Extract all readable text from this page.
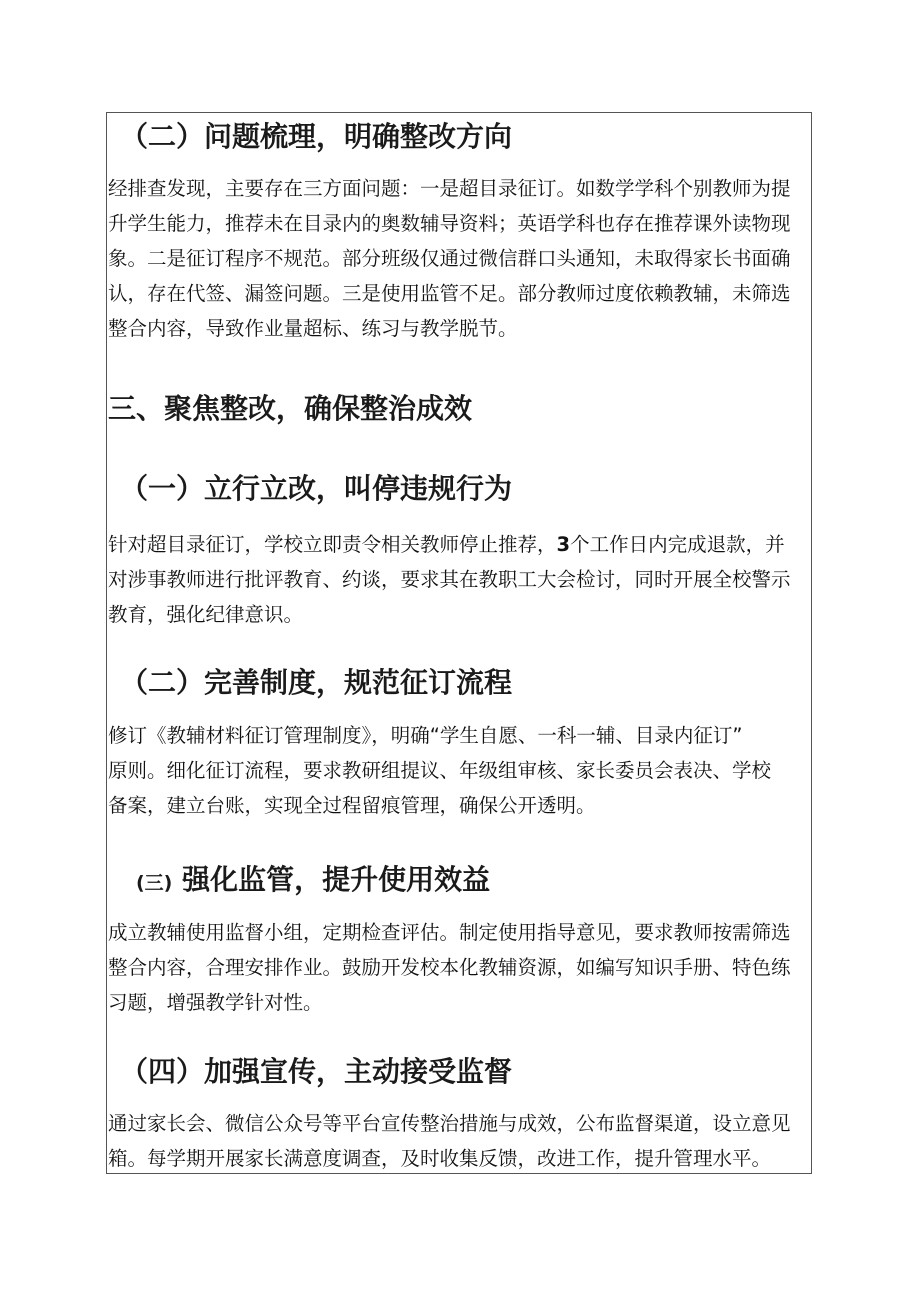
（二）问题梳理，明确整改方向
经排查发现，主要存在三方面问题：一是超目录征订。如数学学科个别教师为提
升学生能力，推荐未在目录内的奥数辅导资料；英语学科也存在推荐课外读物现
象。二是征订程序不规范。部分班级仅通过微信群口头通知，未取得家长书面确
认，存在代签、漏签问题。三是使用监管不足。部分教师过度依赖教辅，未筛选
整合内容，导致作业量超标、练习与教学脱节。
三、聚焦整改，确保整治成效
（一）立行立改，叫停违规行为
针对超目录征订，学校立即责令相关教师停止推荐，3个工作日内完成退款，并
对涉事教师进行批评教育、约谈，要求其在教职工大会检讨，同时开展全校警示
教育，强化纪律意识。
（二）完善制度，规范征订流程
修订《教辅材料征订管理制度》，明确“学生自愿、一科一辅、目录内征订”
原则。细化征订流程，要求教研组提议、年级组审核、家长委员会表决、学校
备案，建立台账，实现全过程留痕管理，确保公开透明。
(三) 强化监管，提升使用效益
成立教辅使用监督小组，定期检查评估。制定使用指导意见，要求教师按需筛选
整合内容，合理安排作业。鼓励开发校本化教辅资源，如编写知识手册、特色练
习题，增强教学针对性。
（四）加强宣传，主动接受监督
通过家长会、微信公众号等平台宣传整治措施与成效，公布监督渠道，设立意见
箱。每学期开展家长满意度调查，及时收集反馈，改进工作，提升管理水平。
